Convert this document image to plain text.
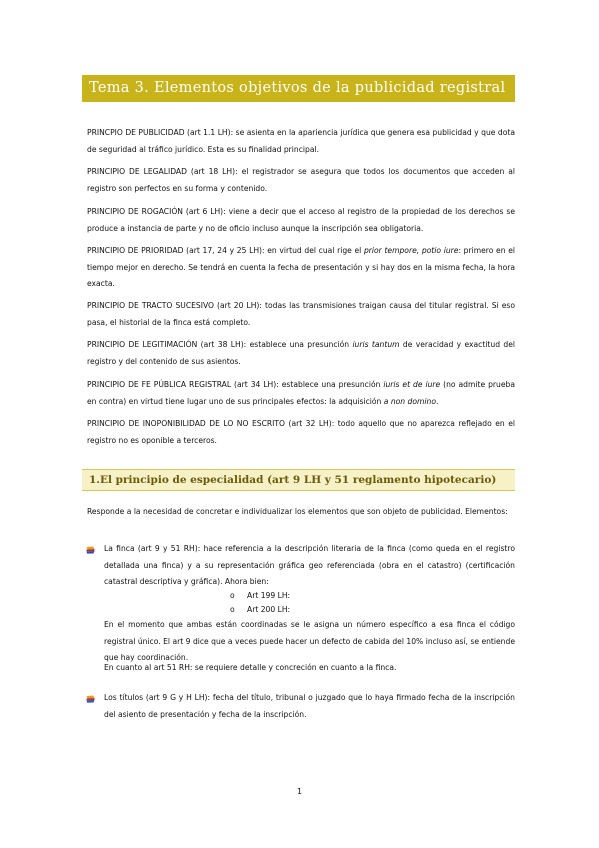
Tema 3. Elementos objetivos de la publicidad registral

PRINCPIO DE PUBLICIDAD (art 1.1 LH): se asienta en la apariencia jurídica que genera esa publicidad y que dota de seguridad al tráfico jurídico. Esta es su finalidad principal.

PRINCIPIO DE LEGALIDAD (art 18 LH): el registrador se asegura que todos los documentos que acceden al registro son perfectos en su forma y contenido.

PRINCIPIO DE ROGACIÓN (art 6 LH): viene a decir que el acceso al registro de la propiedad de los derechos se produce a instancia de parte y no de oficio incluso aunque la inscripción sea obligatoria.

PRINCIPIO DE PRIORIDAD (art 17, 24 y 25 LH): en virtud del cual rige el prior tempore, potio iure: primero en el tiempo mejor en derecho. Se tendrá en cuenta la fecha de presentación y si hay dos en la misma fecha, la hora exacta.

PRINCIPIO DE TRACTO SUCESIVO (art 20 LH): todas las transmisiones traigan causa del titular registral. Si eso pasa, el historial de la finca está completo.

PRINCIPIO DE LEGITIMACIÓN (art 38 LH): establece una presunción iuris tantum de veracidad y exactitud del registro y del contenido de sus asientos.

PRINCIPIO DE FE PÚBLICA REGISTRAL (art 34 LH): establece una presunción iuris et de iure (no admite prueba en contra) en virtud tiene lugar uno de sus principales efectos: la adquisición a non domino.

PRINCIPIO DE INOPONIBILIDAD DE LO NO ESCRITO (art 32 LH): todo aquello que no aparezca reflejado en el registro no es oponible a terceros.

1.El principio de especialidad (art 9 LH y 51 reglamento hipotecario)

Responde a la necesidad de concretar e individualizar los elementos que son objeto de publicidad. Elementos:

La finca (art 9 y 51 RH): hace referencia a la descripción literaria de la finca (como queda en el registro detallada una finca) y a su representación gráfica geo referenciada (obra en el catastro) (certificación catastral descriptiva y gráfica). Ahora bien:

o Art 199 LH:
o Art 200 LH:

En el momento que ambas están coordinadas se le asigna un número específico a esa finca el código registral único. El art 9 dice que a veces puede hacer un defecto de cabida del 10% incluso así, se entiende que hay coordinación.

En cuanto al art 51 RH: se requiere detalle y concreción en cuanto a la finca.

Los títulos (art 9 G y H LH): fecha del título, tribunal o juzgado que lo haya firmado fecha de la inscripción del asiento de presentación y fecha de la inscripción.

1
